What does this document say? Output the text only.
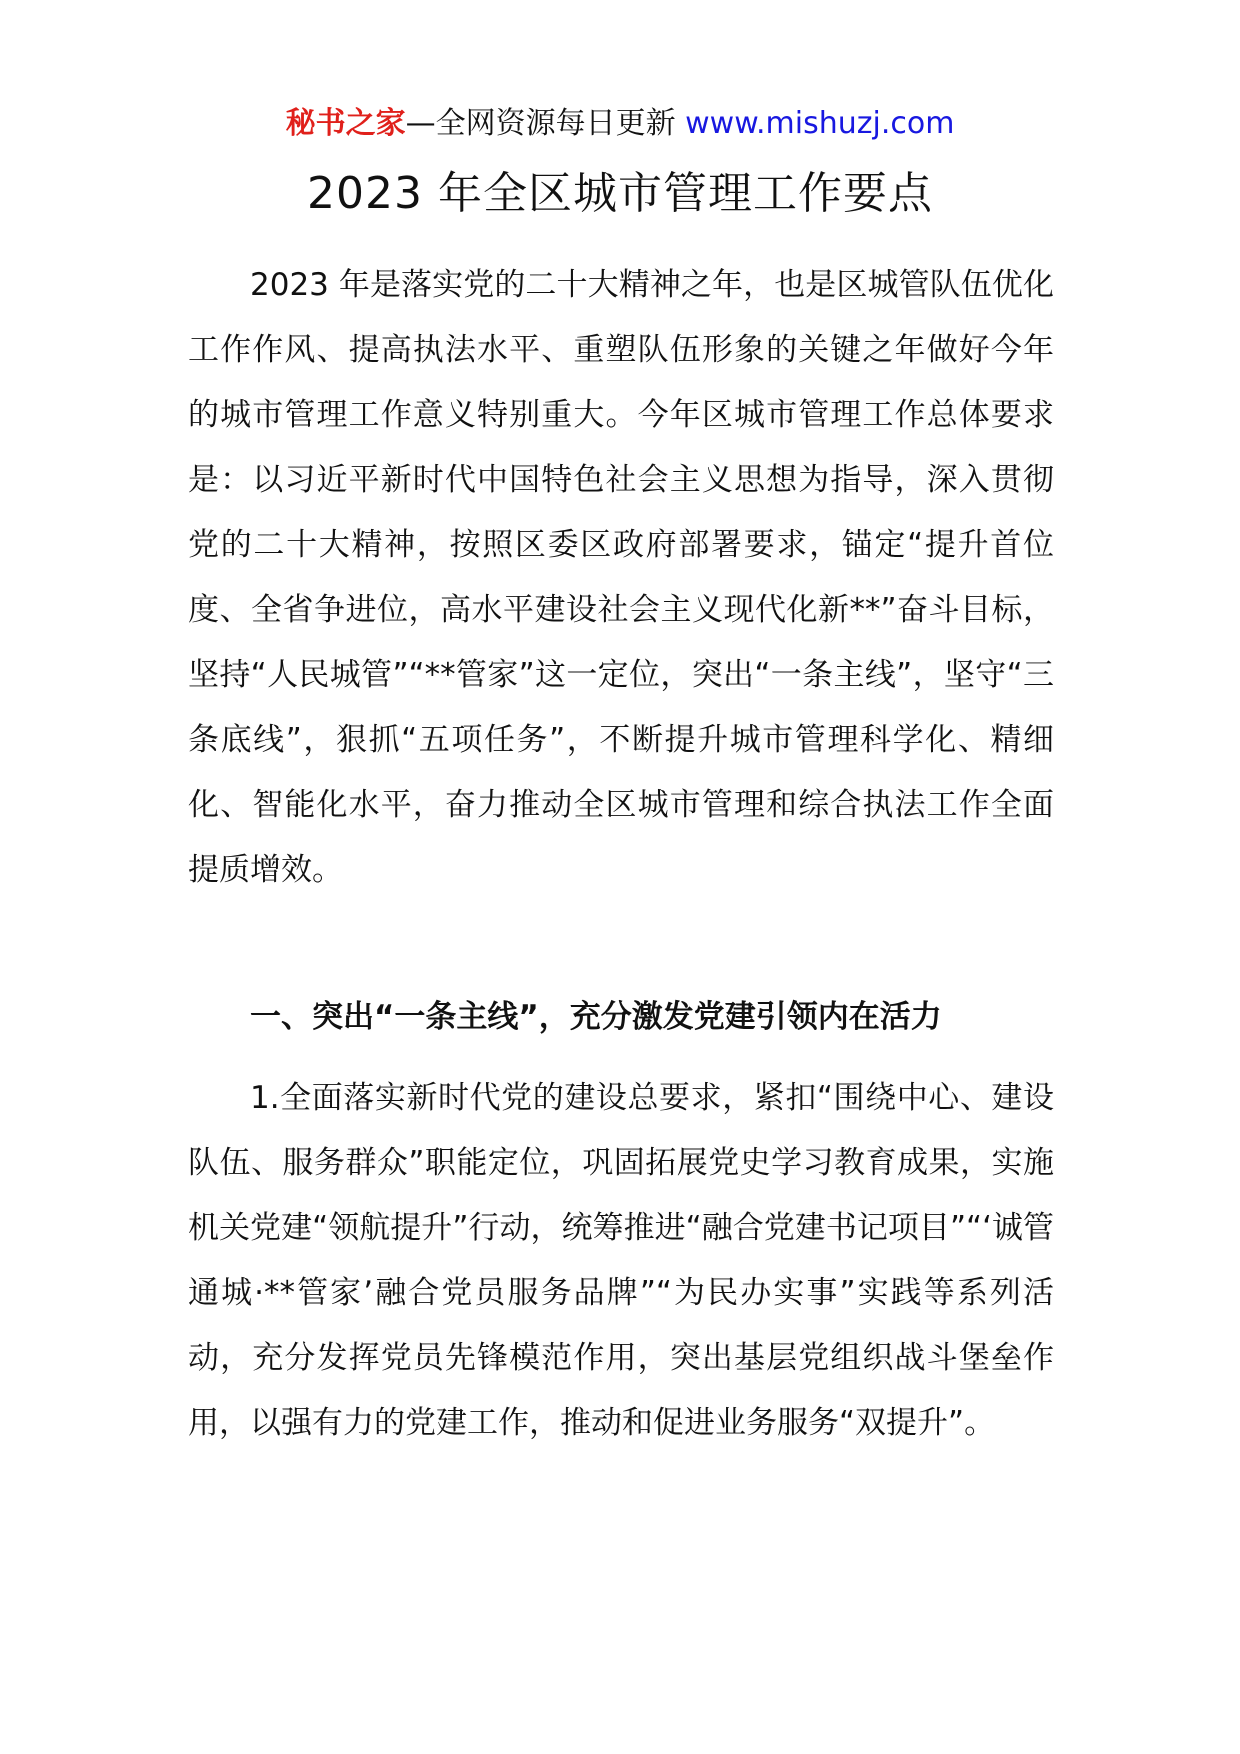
秘书之家—全网资源每日更新 www.mishuzj.com
2023 年全区城市管理工作要点

2023 年是落实党的二十大精神之年，也是区城管队伍优化工作作风、提高执法水平、重塑队伍形象的关键之年做好今年的城市管理工作意义特别重大。今年区城市管理工作总体要求是：以习近平新时代中国特色社会主义思想为指导，深入贯彻党的二十大精神，按照区委区政府部署要求，锚定“提升首位度、全省争进位，高水平建设社会主义现代化新**”奋斗目标，坚持“人民城管”“**管家”这一定位，突出“一条主线”，坚守“三条底线”，狠抓“五项任务”，不断提升城市管理科学化、精细化、智能化水平，奋力推动全区城市管理和综合执法工作全面提质增效。

一、突出“一条主线”，充分激发党建引领内在活力

1.全面落实新时代党的建设总要求，紧扣“围绕中心、建设队伍、服务群众”职能定位，巩固拓展党史学习教育成果，实施机关党建“领航提升”行动，统筹推进“融合党建书记项目”“‘诚管通城·**管家’融合党员服务品牌”“为民办实事”实践等系列活动，充分发挥党员先锋模范作用，突出基层党组织战斗堡垒作用，以强有力的党建工作，推动和促进业务服务“双提升”。
